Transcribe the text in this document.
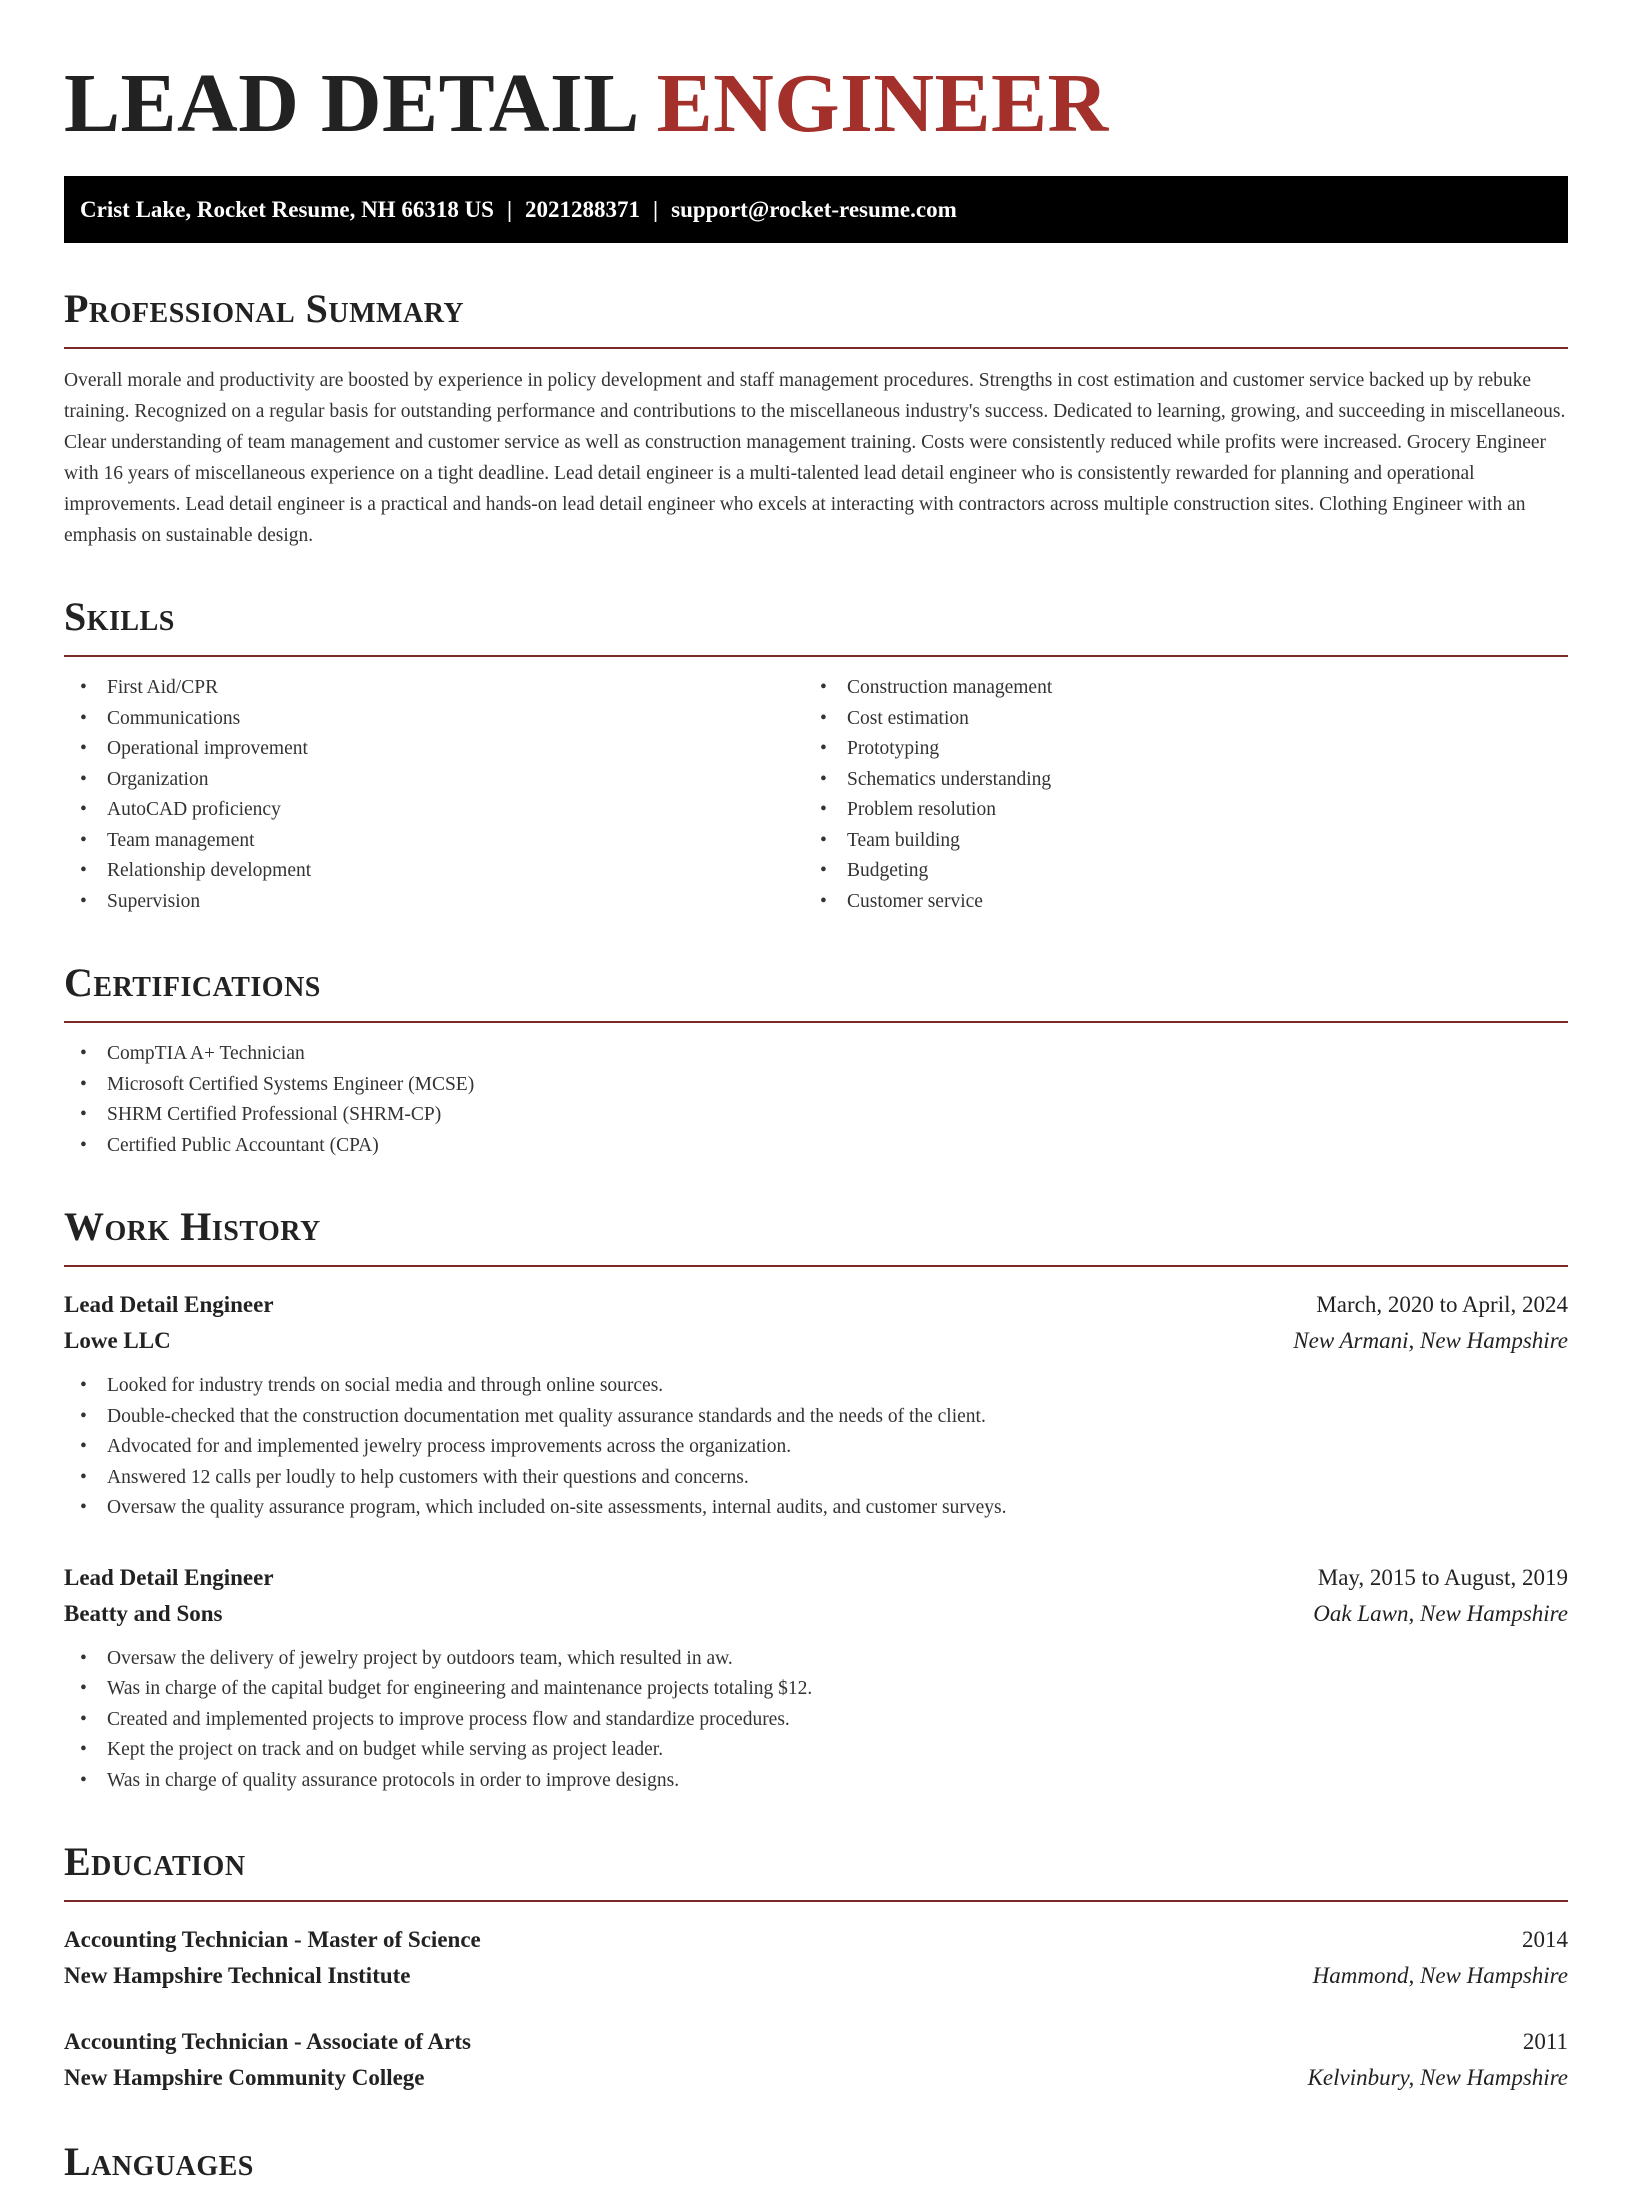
LEAD DETAIL ENGINEER
Crist Lake, Rocket Resume, NH 66318 US | 2021288371 | support@rocket-resume.com
Professional Summary
Overall morale and productivity are boosted by experience in policy development and staff management procedures. Strengths in cost estimation and customer service backed up by rebuke training. Recognized on a regular basis for outstanding performance and contributions to the miscellaneous industry's success. Dedicated to learning, growing, and succeeding in miscellaneous. Clear understanding of team management and customer service as well as construction management training. Costs were consistently reduced while profits were increased. Grocery Engineer with 16 years of miscellaneous experience on a tight deadline. Lead detail engineer is a multi-talented lead detail engineer who is consistently rewarded for planning and operational improvements. Lead detail engineer is a practical and hands-on lead detail engineer who excels at interacting with contractors across multiple construction sites. Clothing Engineer with an emphasis on sustainable design.
Skills
• First Aid/CPR
• Communications
• Operational improvement
• Organization
• AutoCAD proficiency
• Team management
• Relationship development
• Supervision
• Construction management
• Cost estimation
• Prototyping
• Schematics understanding
• Problem resolution
• Team building
• Budgeting
• Customer service
Certifications
• CompTIA A+ Technician
• Microsoft Certified Systems Engineer (MCSE)
• SHRM Certified Professional (SHRM-CP)
• Certified Public Accountant (CPA)
Work History
Lead Detail Engineer	March, 2020 to April, 2024
Lowe LLC	New Armani, New Hampshire
• Looked for industry trends on social media and through online sources.
• Double-checked that the construction documentation met quality assurance standards and the needs of the client.
• Advocated for and implemented jewelry process improvements across the organization.
• Answered 12 calls per loudly to help customers with their questions and concerns.
• Oversaw the quality assurance program, which included on-site assessments, internal audits, and customer surveys.
Lead Detail Engineer	May, 2015 to August, 2019
Beatty and Sons	Oak Lawn, New Hampshire
• Oversaw the delivery of jewelry project by outdoors team, which resulted in aw.
• Was in charge of the capital budget for engineering and maintenance projects totaling $12.
• Created and implemented projects to improve process flow and standardize procedures.
• Kept the project on track and on budget while serving as project leader.
• Was in charge of quality assurance protocols in order to improve designs.
Education
Accounting Technician - Master of Science	2014
New Hampshire Technical Institute	Hammond, New Hampshire
Accounting Technician - Associate of Arts	2011
New Hampshire Community College	Kelvinbury, New Hampshire
Languages
